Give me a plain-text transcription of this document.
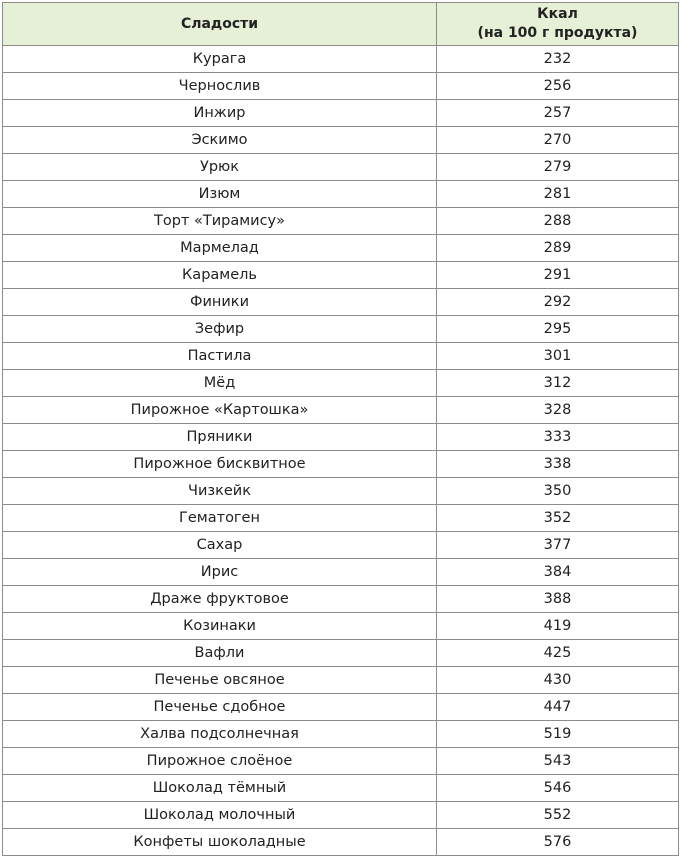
Сладости	Ккал
(на 100 г продукта)

Курага	232
Чернослив	256
Инжир	257
Эскимо	270
Урюк	279
Изюм	281
Торт «Тирамису»	288
Мармелад	289
Карамель	291
Финики	292
Зефир	295
Пастила	301
Мёд	312
Пирожное «Картошка»	328
Пряники	333
Пирожное бисквитное	338
Чизкейк	350
Гематоген	352
Сахар	377
Ирис	384
Драже фруктовое	388
Козинаки	419
Вафли	425
Печенье овсяное	430
Печенье сдобное	447
Халва подсолнечная	519
Пирожное слоёное	543
Шоколад тёмный	546
Шоколад молочный	552
Конфеты шоколадные	576
